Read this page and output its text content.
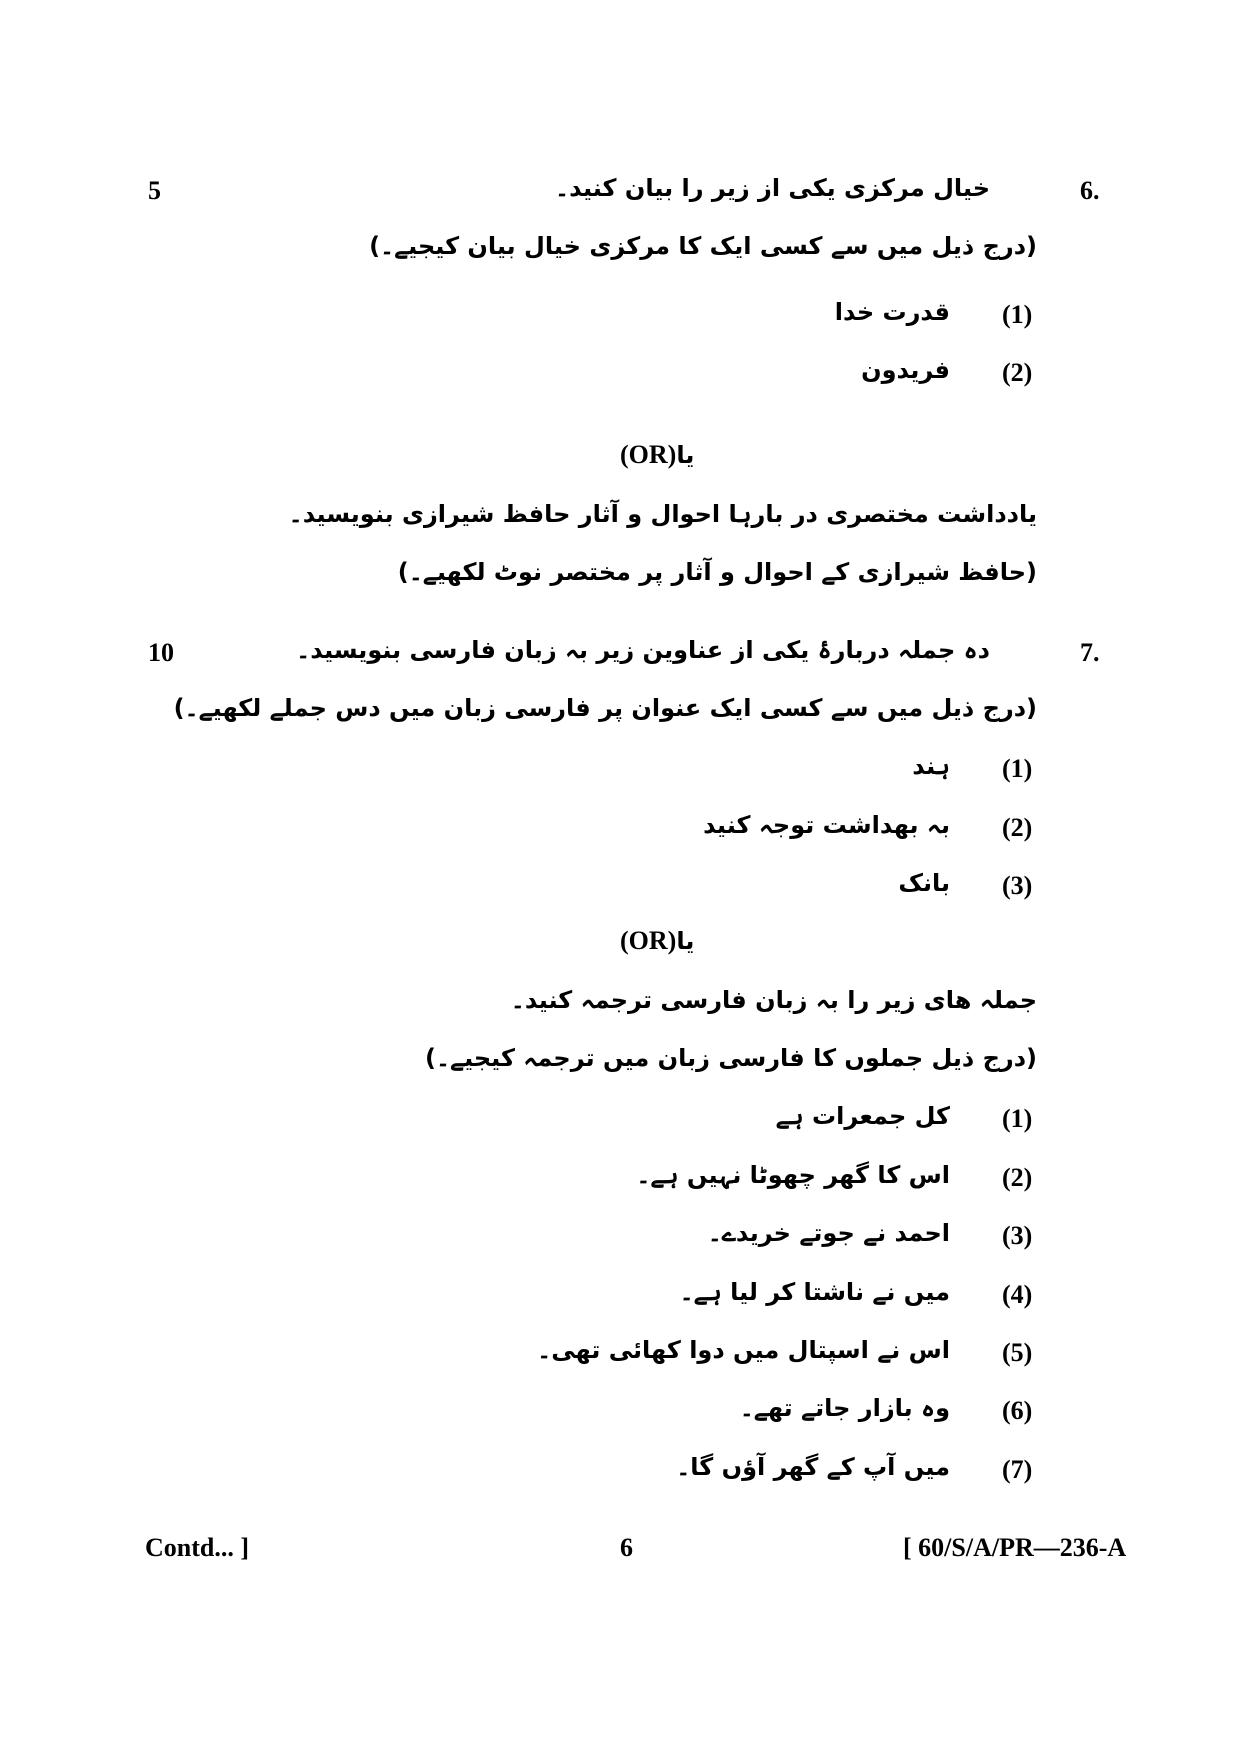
5	6.
خیال مرکزی یکی از زیر را بیان کنید۔
(درج ذیل میں سے کسی ایک کا مرکزی خیال بیان کیجیے۔)
(1)
قدرت خدا
(2)
فریدون
یا(OR)
یادداشت مختصری در بارہا احوال و آثار حافظ شیرازی بنویسید۔
(حافظ شیرازی کے احوال و آثار پر مختصر نوٹ لکھیے۔)
10	7.
دہ جملہ دربارۂ یکی از عناوین زیر بہ زبان فارسی بنویسید۔
(درج ذیل میں سے کسی ایک عنوان پر فارسی زبان میں دس جملے لکھیے۔)
(1)
ہند
(2)
بہ بھداشت توجہ کنید
(3)
بانک
یا(OR)
جملہ ھای زیر را بہ زبان فارسی ترجمہ کنید۔
(درج ذیل جملوں کا فارسی زبان میں ترجمہ کیجیے۔)
(1)
کل جمعرات ہے
(2)
اس کا گھر چھوٹا نہیں ہے۔
(3)
احمد نے جوتے خریدے۔
(4)
میں نے ناشتا کر لیا ہے۔
(5)
اس نے اسپتال میں دوا کھائی تھی۔
(6)
وہ بازار جاتے تھے۔
(7)
میں آپ کے گھر آؤں گا۔
Contd... ]	6	[ 60/S/A/PR—236-A
